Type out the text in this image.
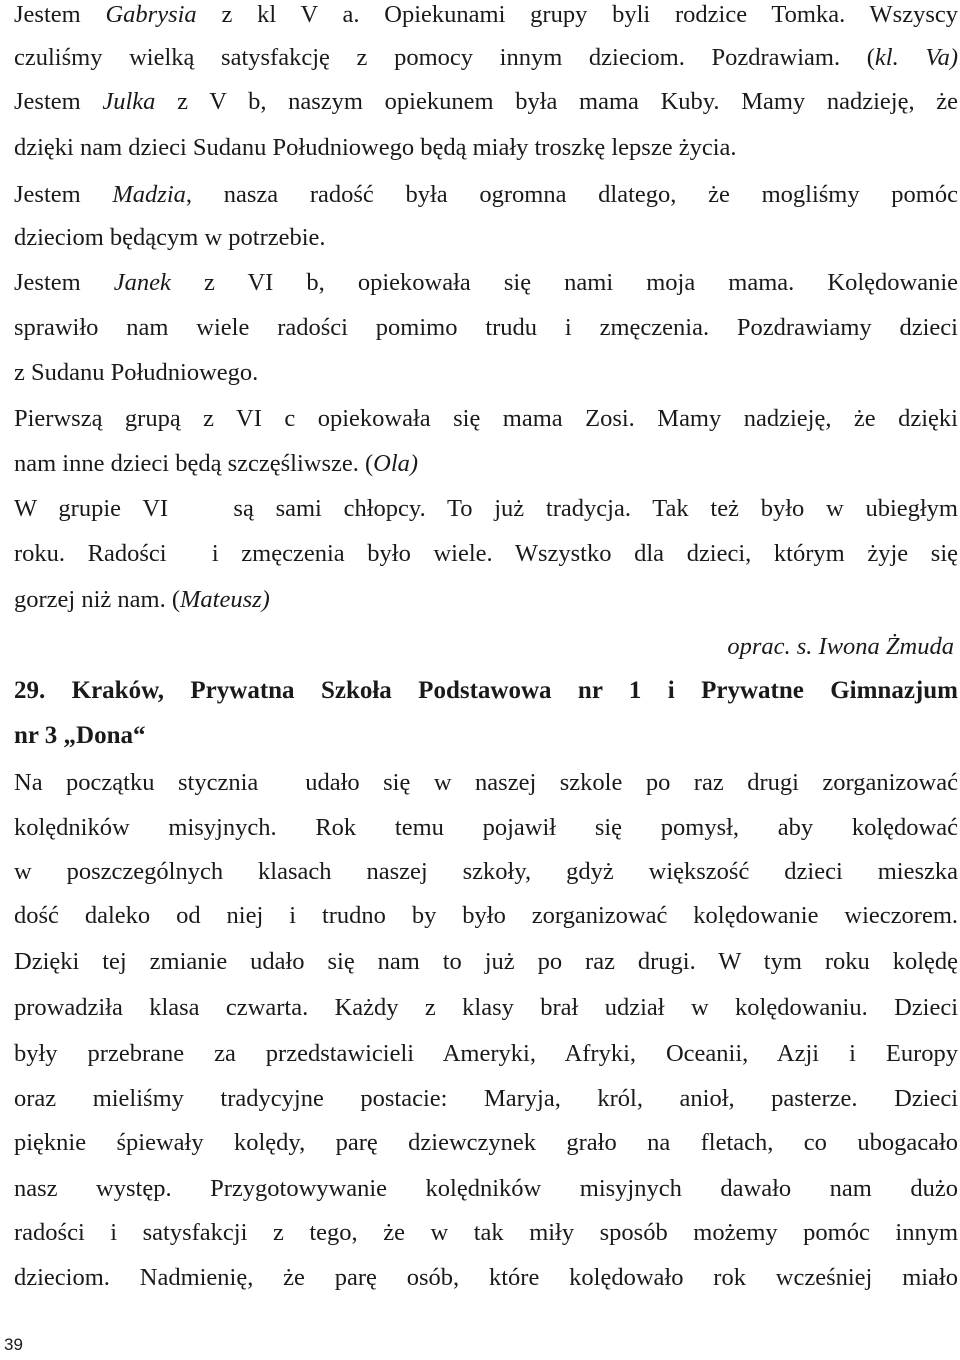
Jestem Gabrysia z kl V a. Opiekunami grupy byli rodzice Tomka. Wszyscy
czuliśmy wielką satysfakcję z pomocy innym dzieciom. Pozdrawiam. (kl. Va)
Jestem Julka z V b, naszym opiekunem była mama Kuby. Mamy nadzieję, że
dzięki nam dzieci Sudanu Południowego będą miały troszkę lepsze życia.
Jestem Madzia, nasza radość była ogromna dlatego, że mogliśmy pomóc
dzieciom będącym w potrzebie.
Jestem Janek z VI b, opiekowała się nami moja mama. Kolędowanie
sprawiło nam wiele radości pomimo trudu i zmęczenia. Pozdrawiamy dzieci
z Sudanu Południowego.
Pierwszą grupą z VI c opiekowała się mama Zosi. Mamy nadzieję, że dzięki
nam inne dzieci będą szczęśliwsze. (Ola)
W grupie VI   są sami chłopcy. To już tradycja. Tak też było w ubiegłym
roku. Radości  i zmęczenia było wiele. Wszystko dla dzieci, którym żyje się
gorzej niż nam. (Mateusz)
oprac. s. Iwona Żmuda
29. Kraków, Prywatna Szkoła Podstawowa nr 1 i Prywatne Gimnazjum
nr 3 „Dona“
Na początku stycznia  udało się w naszej szkole po raz drugi zorganizować
kolędników misyjnych. Rok temu pojawił się pomysł, aby kolędować
w poszczególnych klasach naszej szkoły, gdyż większość dzieci mieszka
dość daleko od niej i trudno by było zorganizować kolędowanie wieczorem.
Dzięki tej zmianie udało się nam to już po raz drugi. W tym roku kolędę
prowadziła klasa czwarta. Każdy z klasy brał udział w kolędowaniu. Dzieci
były przebrane za przedstawicieli Ameryki, Afryki, Oceanii, Azji i Europy
oraz mieliśmy tradycyjne postacie: Maryja, król, anioł, pasterze. Dzieci
pięknie śpiewały kolędy, parę dziewczynek grało na fletach, co ubogacało
nasz występ. Przygotowywanie kolędników misyjnych dawało nam dużo
radości i satysfakcji z tego, że w tak miły sposób możemy pomóc innym
dzieciom. Nadmienię, że parę osób, które kolędowało rok wcześniej miało
39
